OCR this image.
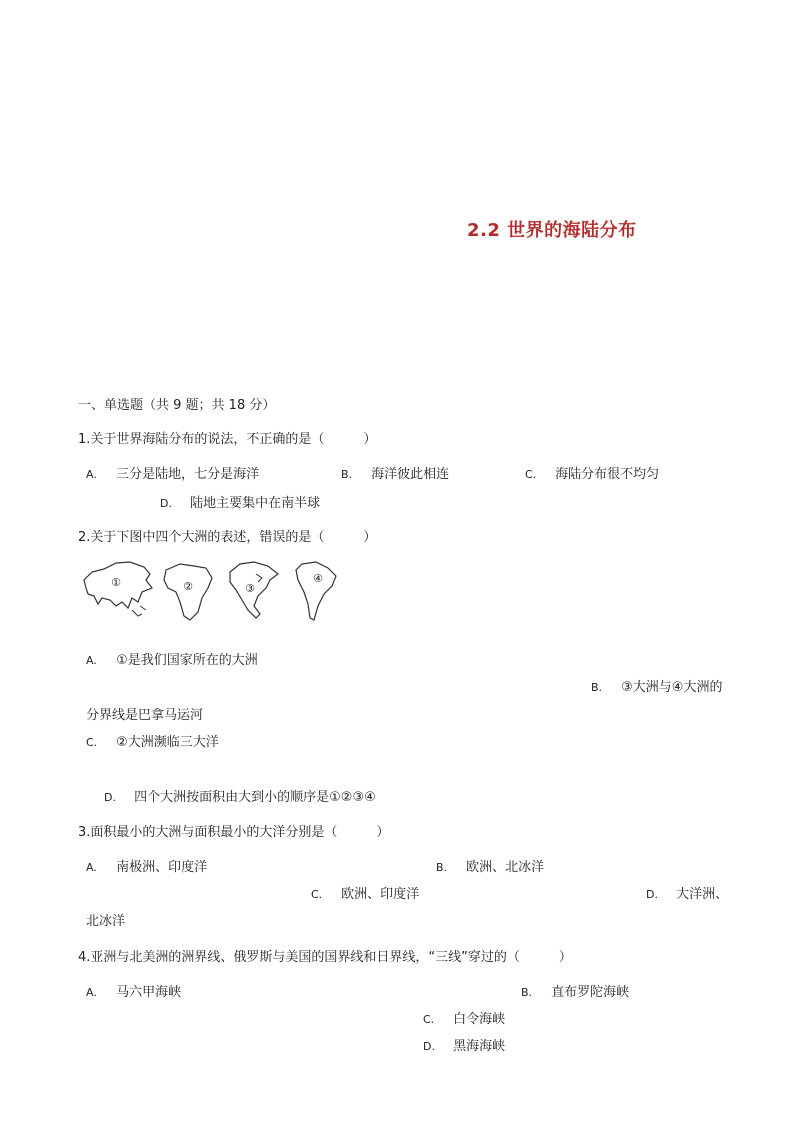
2.2 世界的海陆分布
一、单选题（共 9 题；共 18 分）
1.关于世界海陆分布的说法，不正确的是（　　　）
A. 三分是陆地，七分是海洋	B. 海洋彼此相连	C. 海陆分布很不均匀
D. 陆地主要集中在南半球
2.关于下图中四个大洲的表述，错误的是（　　　）
①	②	③
④
A. ①是我们国家所在的大洲
B. ③大洲与④大洲的
分界线是巴拿马运河
C. ②大洲濒临三大洋
D. 四个大洲按面积由大到小的顺序是①②③④
3.面积最小的大洲与面积最小的大洋分别是（　　　）
A. 南极洲、印度洋	B. 欧洲、北冰洋
C. 欧洲、印度洋	D. 大洋洲、
北冰洋
4.亚洲与北美洲的洲界线、俄罗斯与美国的国界线和日界线，“三线”穿过的（　　　）
A. 马六甲海峡	B. 直布罗陀海峡
C. 白令海峡
D. 黑海海峡
